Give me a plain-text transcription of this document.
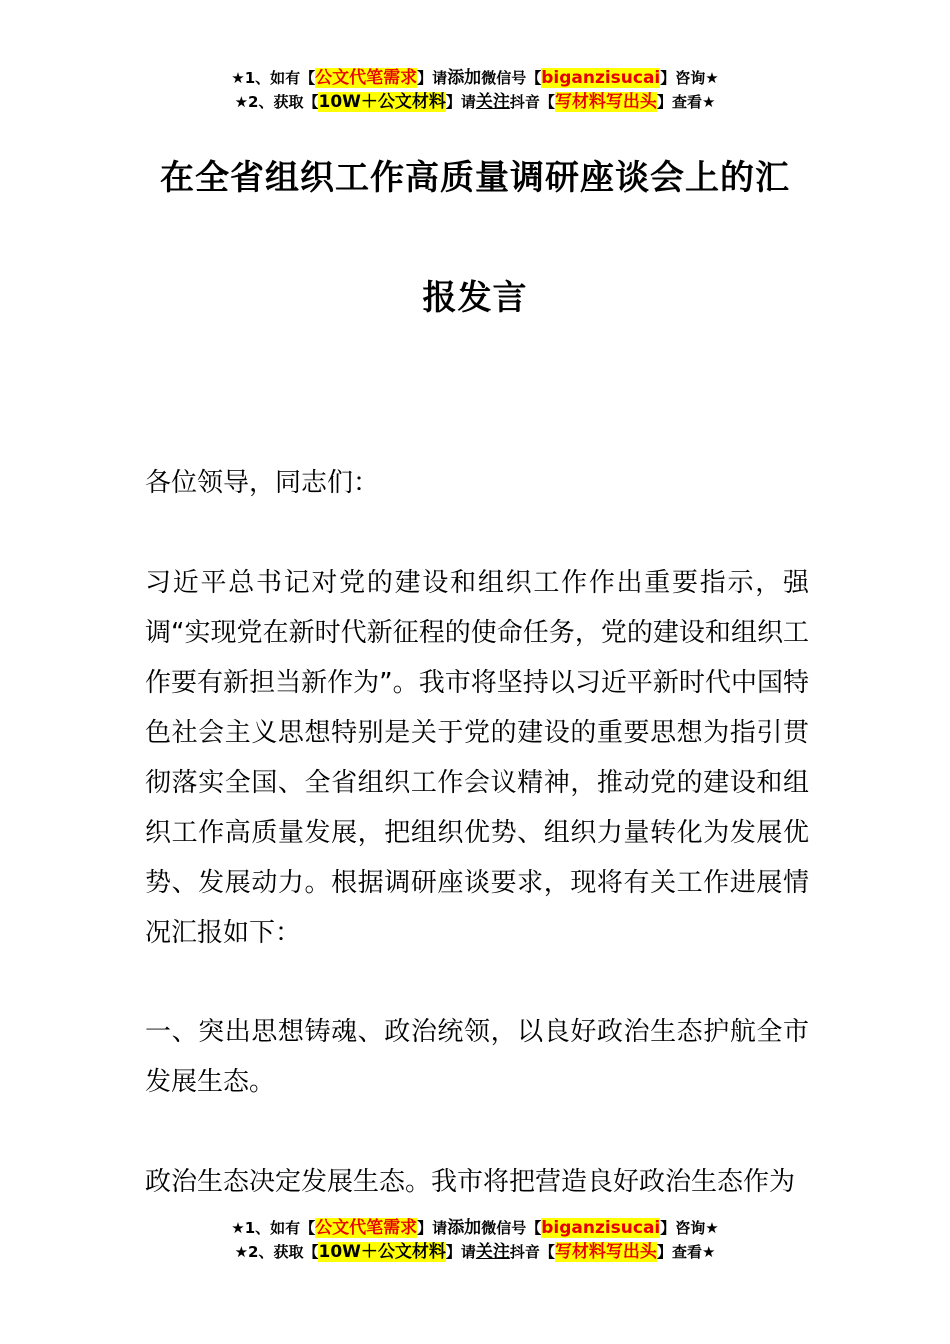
★1、如有【公文代笔需求】请添加微信号【biganzisucai】咨询★
★2、获取【10W＋公文材料】请关注抖音【写材料写出头】查看★
在全省组织工作高质量调研座谈会上的汇
报发言
各位领导，同志们：
习近平总书记对党的建设和组织工作作出重要指示，强调“实现党在新时代新征程的使命任务，党的建设和组织工作要有新担当新作为”。我市将坚持以习近平新时代中国特色社会主义思想特别是关于党的建设的重要思想为指引贯彻落实全国、全省组织工作会议精神，推动党的建设和组织工作高质量发展，把组织优势、组织力量转化为发展优势、发展动力。根据调研座谈要求，现将有关工作进展情况汇报如下：
一、突出思想铸魂、政治统领，以良好政治生态护航全市发展生态。
政治生态决定发展生态。我市将把营造良好政治生态作为
★1、如有【公文代笔需求】请添加微信号【biganzisucai】咨询★
★2、获取【10W＋公文材料】请关注抖音【写材料写出头】查看★
